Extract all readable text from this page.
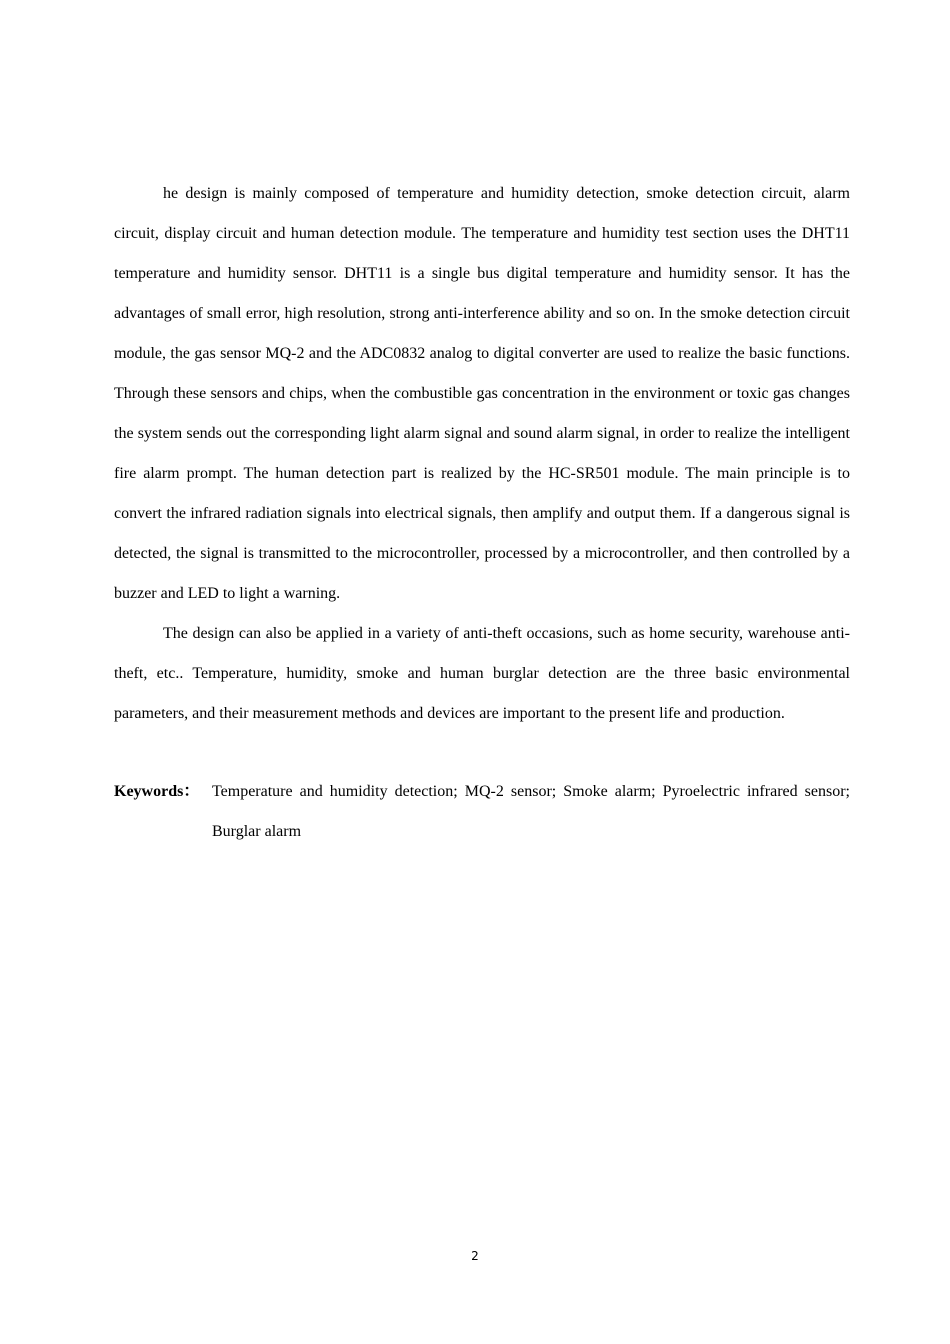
he design is mainly composed of temperature and humidity detection, smoke detection circuit, alarm circuit, display circuit and human detection module. The temperature and humidity test section uses the DHT11 temperature and humidity sensor. DHT11 is a single bus digital temperature and humidity sensor. It has the advantages of small error, high resolution, strong anti-interference ability and so on. In the smoke detection circuit module, the gas sensor MQ-2 and the ADC0832 analog to digital converter are used to realize the basic functions. Through these sensors and chips, when the combustible gas concentration in the environment or toxic gas changes the system sends out the corresponding light alarm signal and sound alarm signal, in order to realize the intelligent fire alarm prompt. The human detection part is realized by the HC-SR501 module. The main principle is to convert the infrared radiation signals into electrical signals, then amplify and output them. If a dangerous signal is detected, the signal is transmitted to the microcontroller, processed by a microcontroller, and then controlled by a buzzer and LED to light a warning.

The design can also be applied in a variety of anti-theft occasions, such as home security, warehouse anti-theft, etc.. Temperature, humidity, smoke and human burglar detection are the three basic environmental parameters, and their measurement methods and devices are important to the present life and production.

Keywords： Temperature and humidity detection; MQ-2 sensor; Smoke alarm; Pyroelectric infrared sensor; Burglar alarm
2
